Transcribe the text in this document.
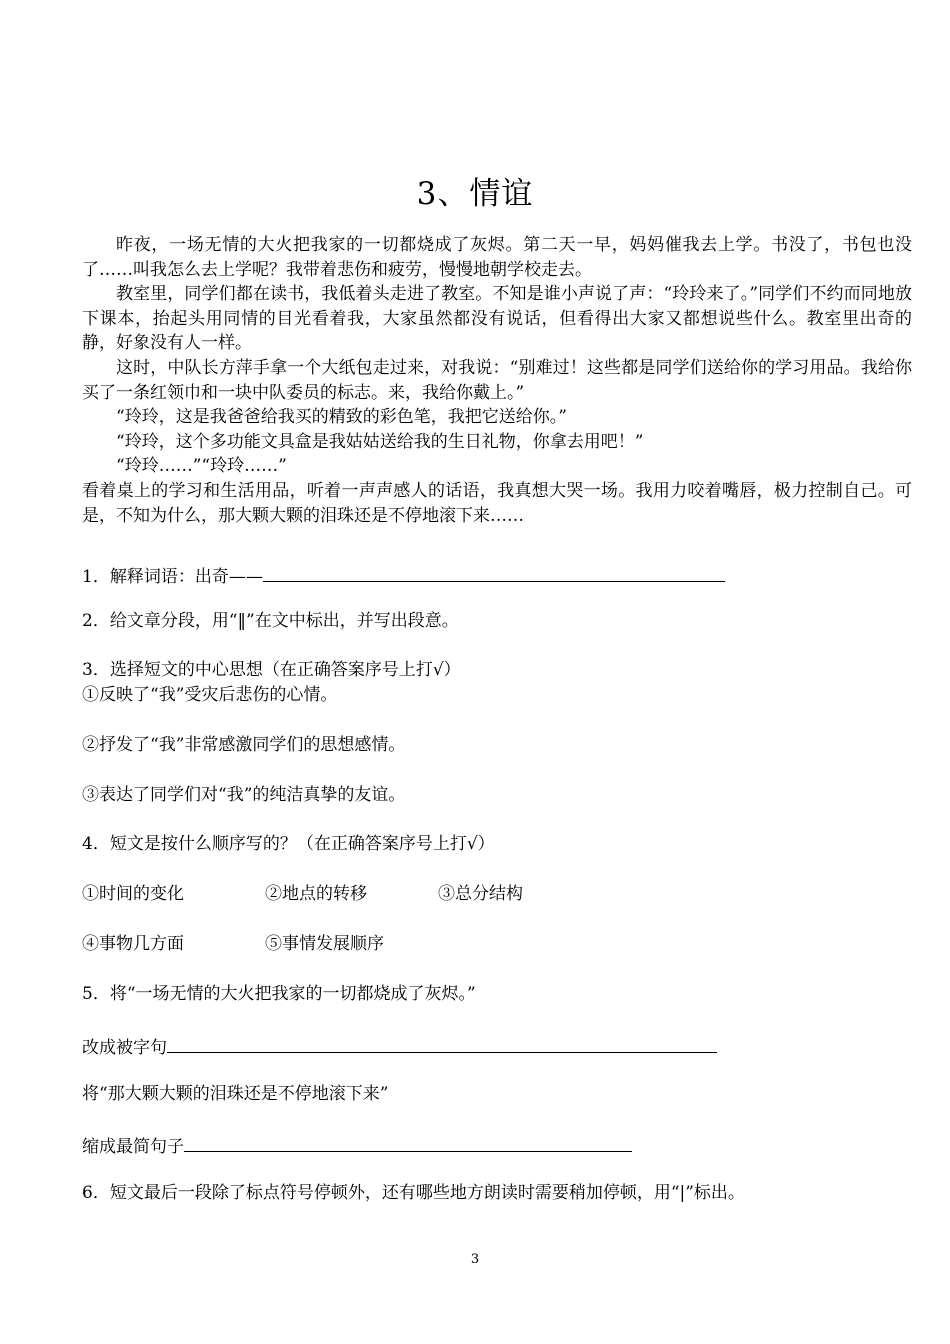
3、情谊

昨夜，一场无情的大火把我家的一切都烧成了灰烬。第二天一早，妈妈催我去上学。书没了，书包也没了……叫我怎么去上学呢？我带着悲伤和疲劳，慢慢地朝学校走去。

教室里，同学们都在读书，我低着头走进了教室。不知是谁小声说了声：“玲玲来了。”同学们不约而同地放下课本，抬起头用同情的目光看着我，大家虽然都没有说话，但看得出大家又都想说些什么。教室里出奇的静，好象没有人一样。

这时，中队长方萍手拿一个大纸包走过来，对我说：“别难过！这些都是同学们送给你的学习用品。我给你买了一条红领巾和一块中队委员的标志。来，我给你戴上。”

“玲玲，这是我爸爸给我买的精致的彩色笔，我把它送给你。”

“玲玲，这个多功能文具盒是我姑姑送给我的生日礼物，你拿去用吧！”

“玲玲……”“玲玲……”

看着桌上的学习和生活用品，听着一声声感人的话语，我真想大哭一场。我用力咬着嘴唇，极力控制自己。可是，不知为什么，那大颗大颗的泪珠还是不停地滚下来……

1．解释词语：出奇——
2．给文章分段，用“‖”在文中标出，并写出段意。
3．选择短文的中心思想（在正确答案序号上打√）
①反映了“我”受灾后悲伤的心情。
②抒发了“我”非常感激同学们的思想感情。
③表达了同学们对“我”的纯洁真挚的友谊。
4．短文是按什么顺序写的？（在正确答案序号上打√）
①时间的变化	②地点的转移	③总分结构
④事物几方面	⑤事情发展顺序
5．将“一场无情的大火把我家的一切都烧成了灰烬。”
改成被字句
将“那大颗大颗的泪珠还是不停地滚下来”
缩成最简句子
6．短文最后一段除了标点符号停顿外，还有哪些地方朗读时需要稍加停顿，用“|”标出。
3
